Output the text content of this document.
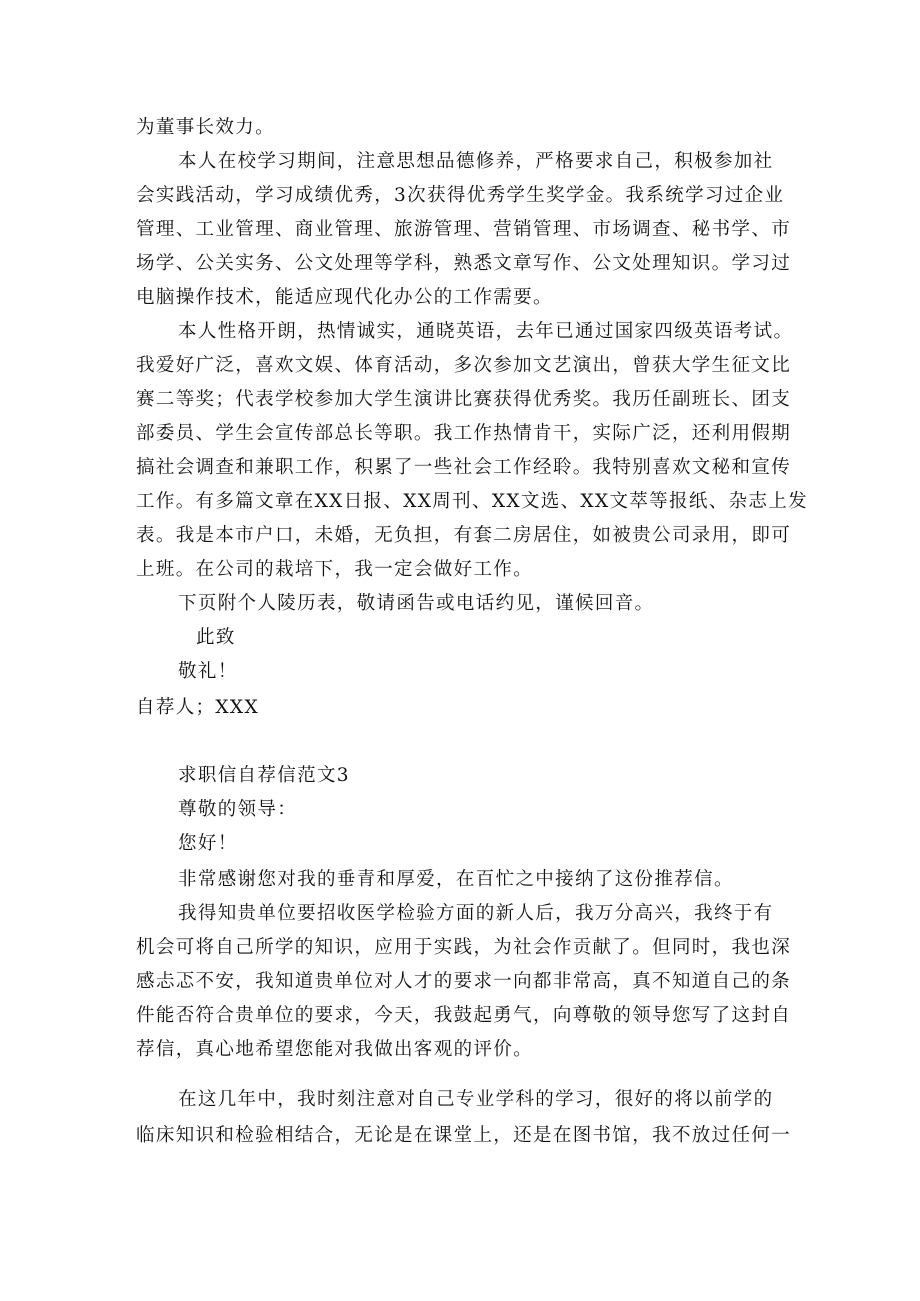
为董事长效力。
本人在校学习期间，注意思想品德修养，严格要求自己，积极参加社
会实践活动，学习成绩优秀，3次获得优秀学生奖学金。我系统学习过企业
管理、工业管理、商业管理、旅游管理、营销管理、市场调查、秘书学、市
场学、公关实务、公文处理等学科，熟悉文章写作、公文处理知识。学习过
电脑操作技术，能适应现代化办公的工作需要。
本人性格开朗，热情诚实，通晓英语，去年已通过国家四级英语考试。
我爱好广泛，喜欢文娱、体育活动，多次参加文艺演出，曾获大学生征文比
赛二等奖；代表学校参加大学生演讲比赛获得优秀奖。我历任副班长、团支
部委员、学生会宣传部总长等职。我工作热情肯干，实际广泛，还利用假期
搞社会调查和兼职工作，积累了一些社会工作经聆。我特别喜欢文秘和宣传
工作。有多篇文章在XX日报、XX周刊、XX文选、XX文萃等报纸、杂志上发
表。我是本市户口，未婚，无负担，有套二房居住，如被贵公司录用，即可
上班。在公司的栽培下，我一定会做好工作。
下页附个人陵历表，敬请函告或电话约见，谨候回音。
此致
敬礼！
自荐人；XXX
求职信自荐信范文3
尊敬的领导：
您好！
非常感谢您对我的垂青和厚爱，在百忙之中接纳了这份推荐信。
我得知贵单位要招收医学检验方面的新人后，我万分高兴，我终于有
机会可将自己所学的知识，应用于实践，为社会作贡献了。但同时，我也深
感忐忑不安，我知道贵单位对人才的要求一向都非常高，真不知道自己的条
件能否符合贵单位的要求，今天，我鼓起勇气，向尊敬的领导您写了这封自
荐信，真心地希望您能对我做出客观的评价。
在这几年中，我时刻注意对自己专业学科的学习，很好的将以前学的
临床知识和检验相结合，无论是在课堂上，还是在图书馆，我不放过任何一
